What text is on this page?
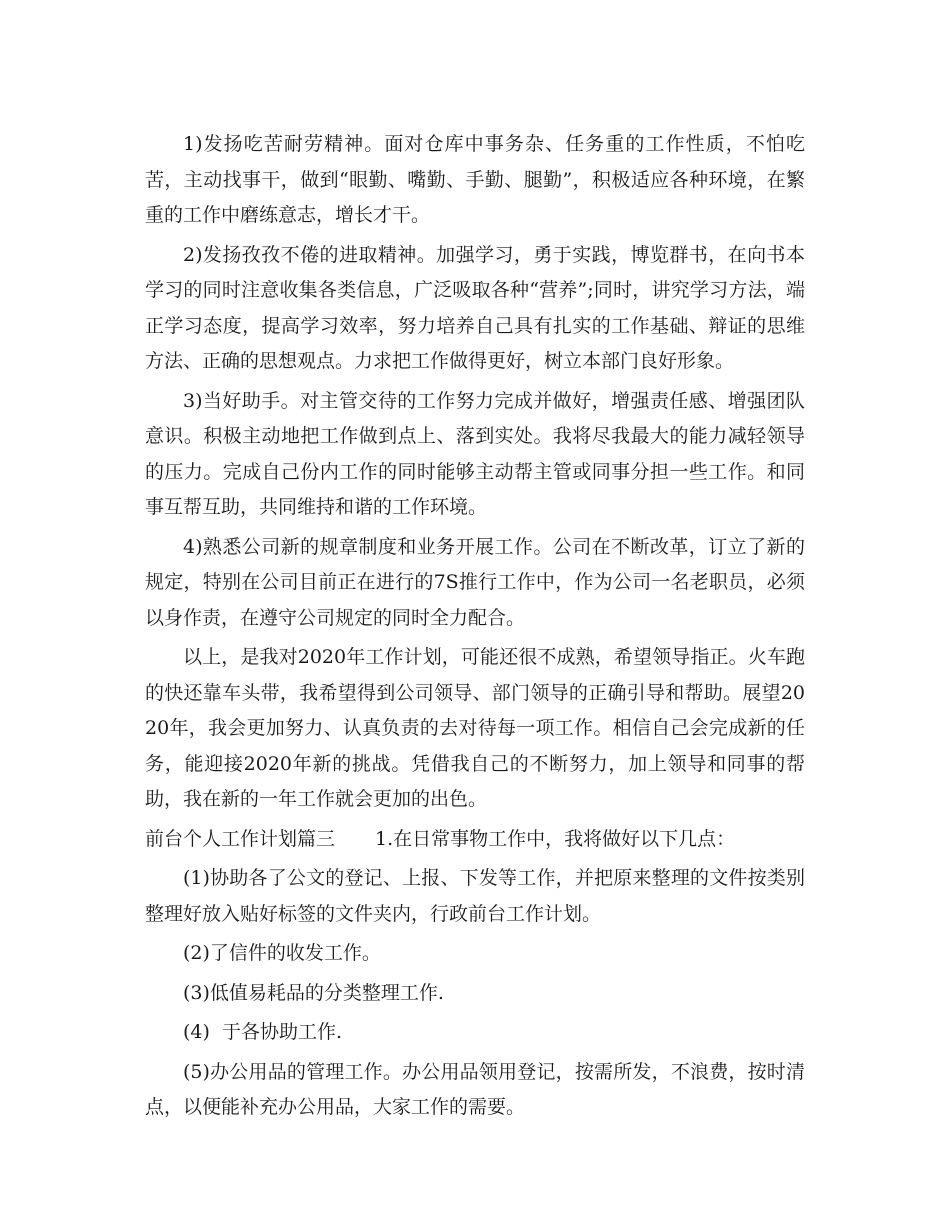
1)发扬吃苦耐劳精神。面对仓库中事务杂、任务重的工作性质，不怕吃苦，主动找事干，做到“眼勤、嘴勤、手勤、腿勤”，积极适应各种环境，在繁重的工作中磨练意志，增长才干。

2)发扬孜孜不倦的进取精神。加强学习，勇于实践，博览群书，在向书本学习的同时注意收集各类信息，广泛吸取各种“营养”;同时，讲究学习方法，端正学习态度，提高学习效率，努力培养自己具有扎实的工作基础、辩证的思维方法、正确的思想观点。力求把工作做得更好，树立本部门良好形象。

3)当好助手。对主管交待的工作努力完成并做好，增强责任感、增强团队意识。积极主动地把工作做到点上、落到实处。我将尽我最大的能力减轻领导的压力。完成自己份内工作的同时能够主动帮主管或同事分担一些工作。和同事互帮互助，共同维持和谐的工作环境。

4)熟悉公司新的规章制度和业务开展工作。公司在不断改革，订立了新的规定，特别在公司目前正在进行的7S推行工作中，作为公司一名老职员，必须以身作责，在遵守公司规定的同时全力配合。

以上，是我对2020年工作计划，可能还很不成熟，希望领导指正。火车跑的快还靠车头带，我希望得到公司领导、部门领导的正确引导和帮助。展望2020年，我会更加努力、认真负责的去对待每一项工作。相信自己会完成新的任务，能迎接2020年新的挑战。凭借我自己的不断努力，加上领导和同事的帮助，我在新的一年工作就会更加的出色。

前台个人工作计划篇三 1.在日常事物工作中，我将做好以下几点：

(1)协助各了公文的登记、上报、下发等工作，并把原来整理的文件按类别整理好放入贴好标签的文件夹内，行政前台工作计划。

(2)了信件的收发工作。

(3)低值易耗品的分类整理工作.

(4)  于各协助工作.

(5)办公用品的管理工作。办公用品领用登记，按需所发，不浪费，按时清点，以便能补充办公用品，大家工作的需要。
